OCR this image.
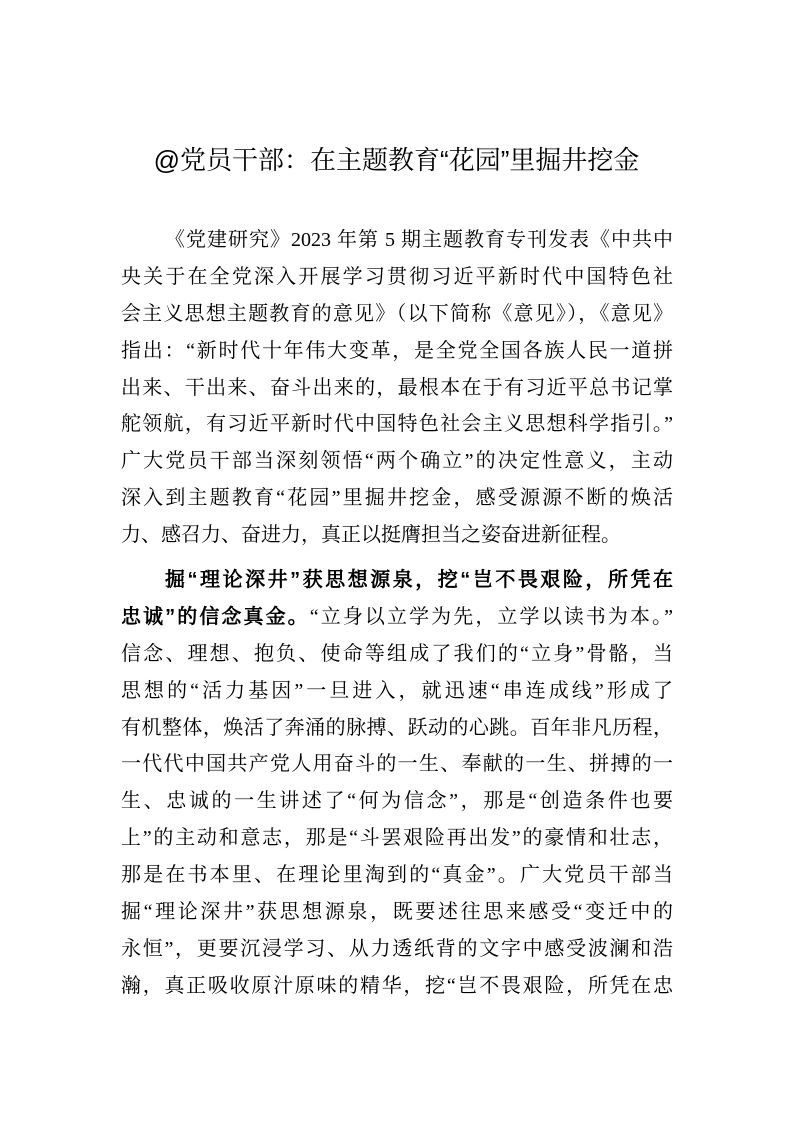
@党员干部：在主题教育“花园”里掘井挖金
《党建研究》2023 年第 5 期主题教育专刊发表《中共中
央关于在全党深入开展学习贯彻习近平新时代中国特色社
会主义思想主题教育的意见》（以下简称《意见》），《意见》
指出：“新时代十年伟大变革，是全党全国各族人民一道拼
出来、干出来、奋斗出来的，最根本在于有习近平总书记掌
舵领航，有习近平新时代中国特色社会主义思想科学指引。”
广大党员干部当深刻领悟“两个确立”的决定性意义，主动
深入到主题教育“花园”里掘井挖金，感受源源不断的焕活
力、感召力、奋进力，真正以挺膺担当之姿奋进新征程。
掘“理论深井”获思想源泉，挖“岂不畏艰险，所凭在
忠诚”的信念真金。“立身以立学为先，立学以读书为本。”
信念、理想、抱负、使命等组成了我们的“立身”骨骼，当
思想的“活力基因”一旦进入，就迅速“串连成线”形成了
有机整体，焕活了奔涌的脉搏、跃动的心跳。百年非凡历程，
一代代中国共产党人用奋斗的一生、奉献的一生、拼搏的一
生、忠诚的一生讲述了“何为信念”，那是“创造条件也要
上”的主动和意志，那是“斗罢艰险再出发”的豪情和壮志，
那是在书本里、在理论里淘到的“真金”。广大党员干部当
掘“理论深井”获思想源泉，既要述往思来感受“变迁中的
永恒”，更要沉浸学习、从力透纸背的文字中感受波澜和浩
瀚，真正吸收原汁原味的精华，挖“岂不畏艰险，所凭在忠
